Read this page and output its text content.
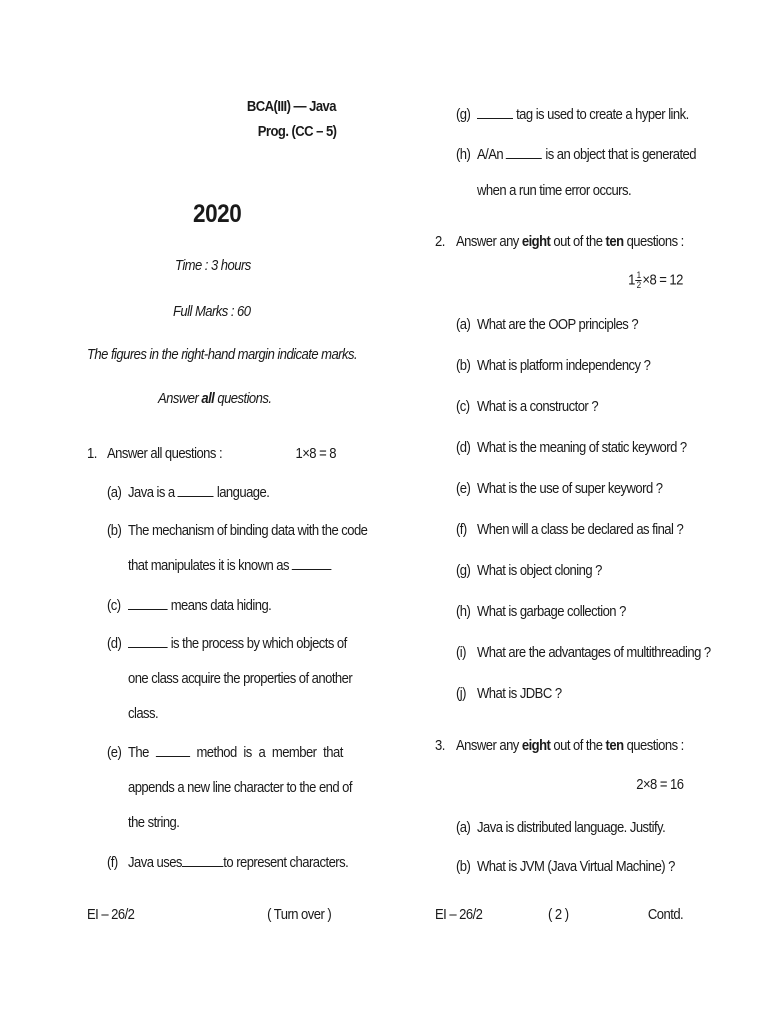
BCA(III) — Java
Prog. (CC – 5)
2020
Time : 3 hours
Full Marks : 60
The figures in the right-hand margin indicate marks.
Answer all questions.
1. Answer all questions :	1×8 = 8
(a) Java is a	language.
(b) The mechanism of binding data with the code
that manipulates it is known as
(c)	means data hiding.
(d)	is the process by which objects of
one class acquire the properties of another
class.
(e) The	method is a member that
appends a new line character to the end of
the string.
(f) Java uses	to represent characters.
EI – 26/2	( Turn over )
(g)	tag is used to create a hyper link.
(h) A/An	is an object that is generated
when a run time error occurs.
2. Answer any eight out of the ten questions :
$1 \frac{1}{2} \times 8 = 12$
(a) What are the OOP principles ?
(b) What is platform independency ?
(c) What is a constructor ?
(d) What is the meaning of static keyword ?
(e) What is the use of super keyword ?
(f) When will a class be declared as final ?
(g) What is object cloning ?
(h) What is garbage collection ?
(i) What are the advantages of multithreading ?
(j) What is JDBC ?
3. Answer any eight out of the ten questions :
2×8 = 16
(a) Java is distributed language. Justify.
(b) What is JVM (Java Virtual Machine) ?
EI – 26/2	( 2 )	Contd.
